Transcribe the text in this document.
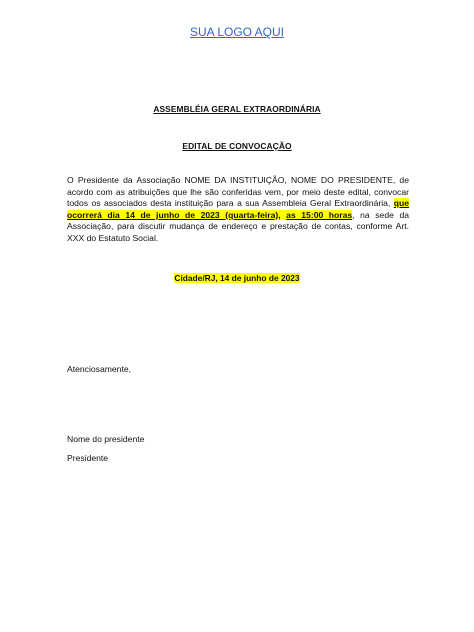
SUA LOGO AQUI
ASSEMBLÉIA GERAL EXTRAORDINÁRIA
EDITAL DE CONVOCAÇÃO
O Presidente da Associação NOME DA INSTITUIÇÃO, NOME DO PRESIDENTE, de acordo com as atribuições que lhe são conferidas vem, por meio deste edital, convocar todos os associados desta instituição para a sua Assembleia Geral Extraordinária, que ocorrerá dia 14 de junho de 2023 (quarta-feira), as 15:00 horas, na sede da Associação, para discutir mudança de endereço e prestação de contas, conforme Art. XXX do Estatuto Social.
Cidade/RJ, 14 de junho de 2023
Atenciosamente,
Nome do presidente
Presidente
